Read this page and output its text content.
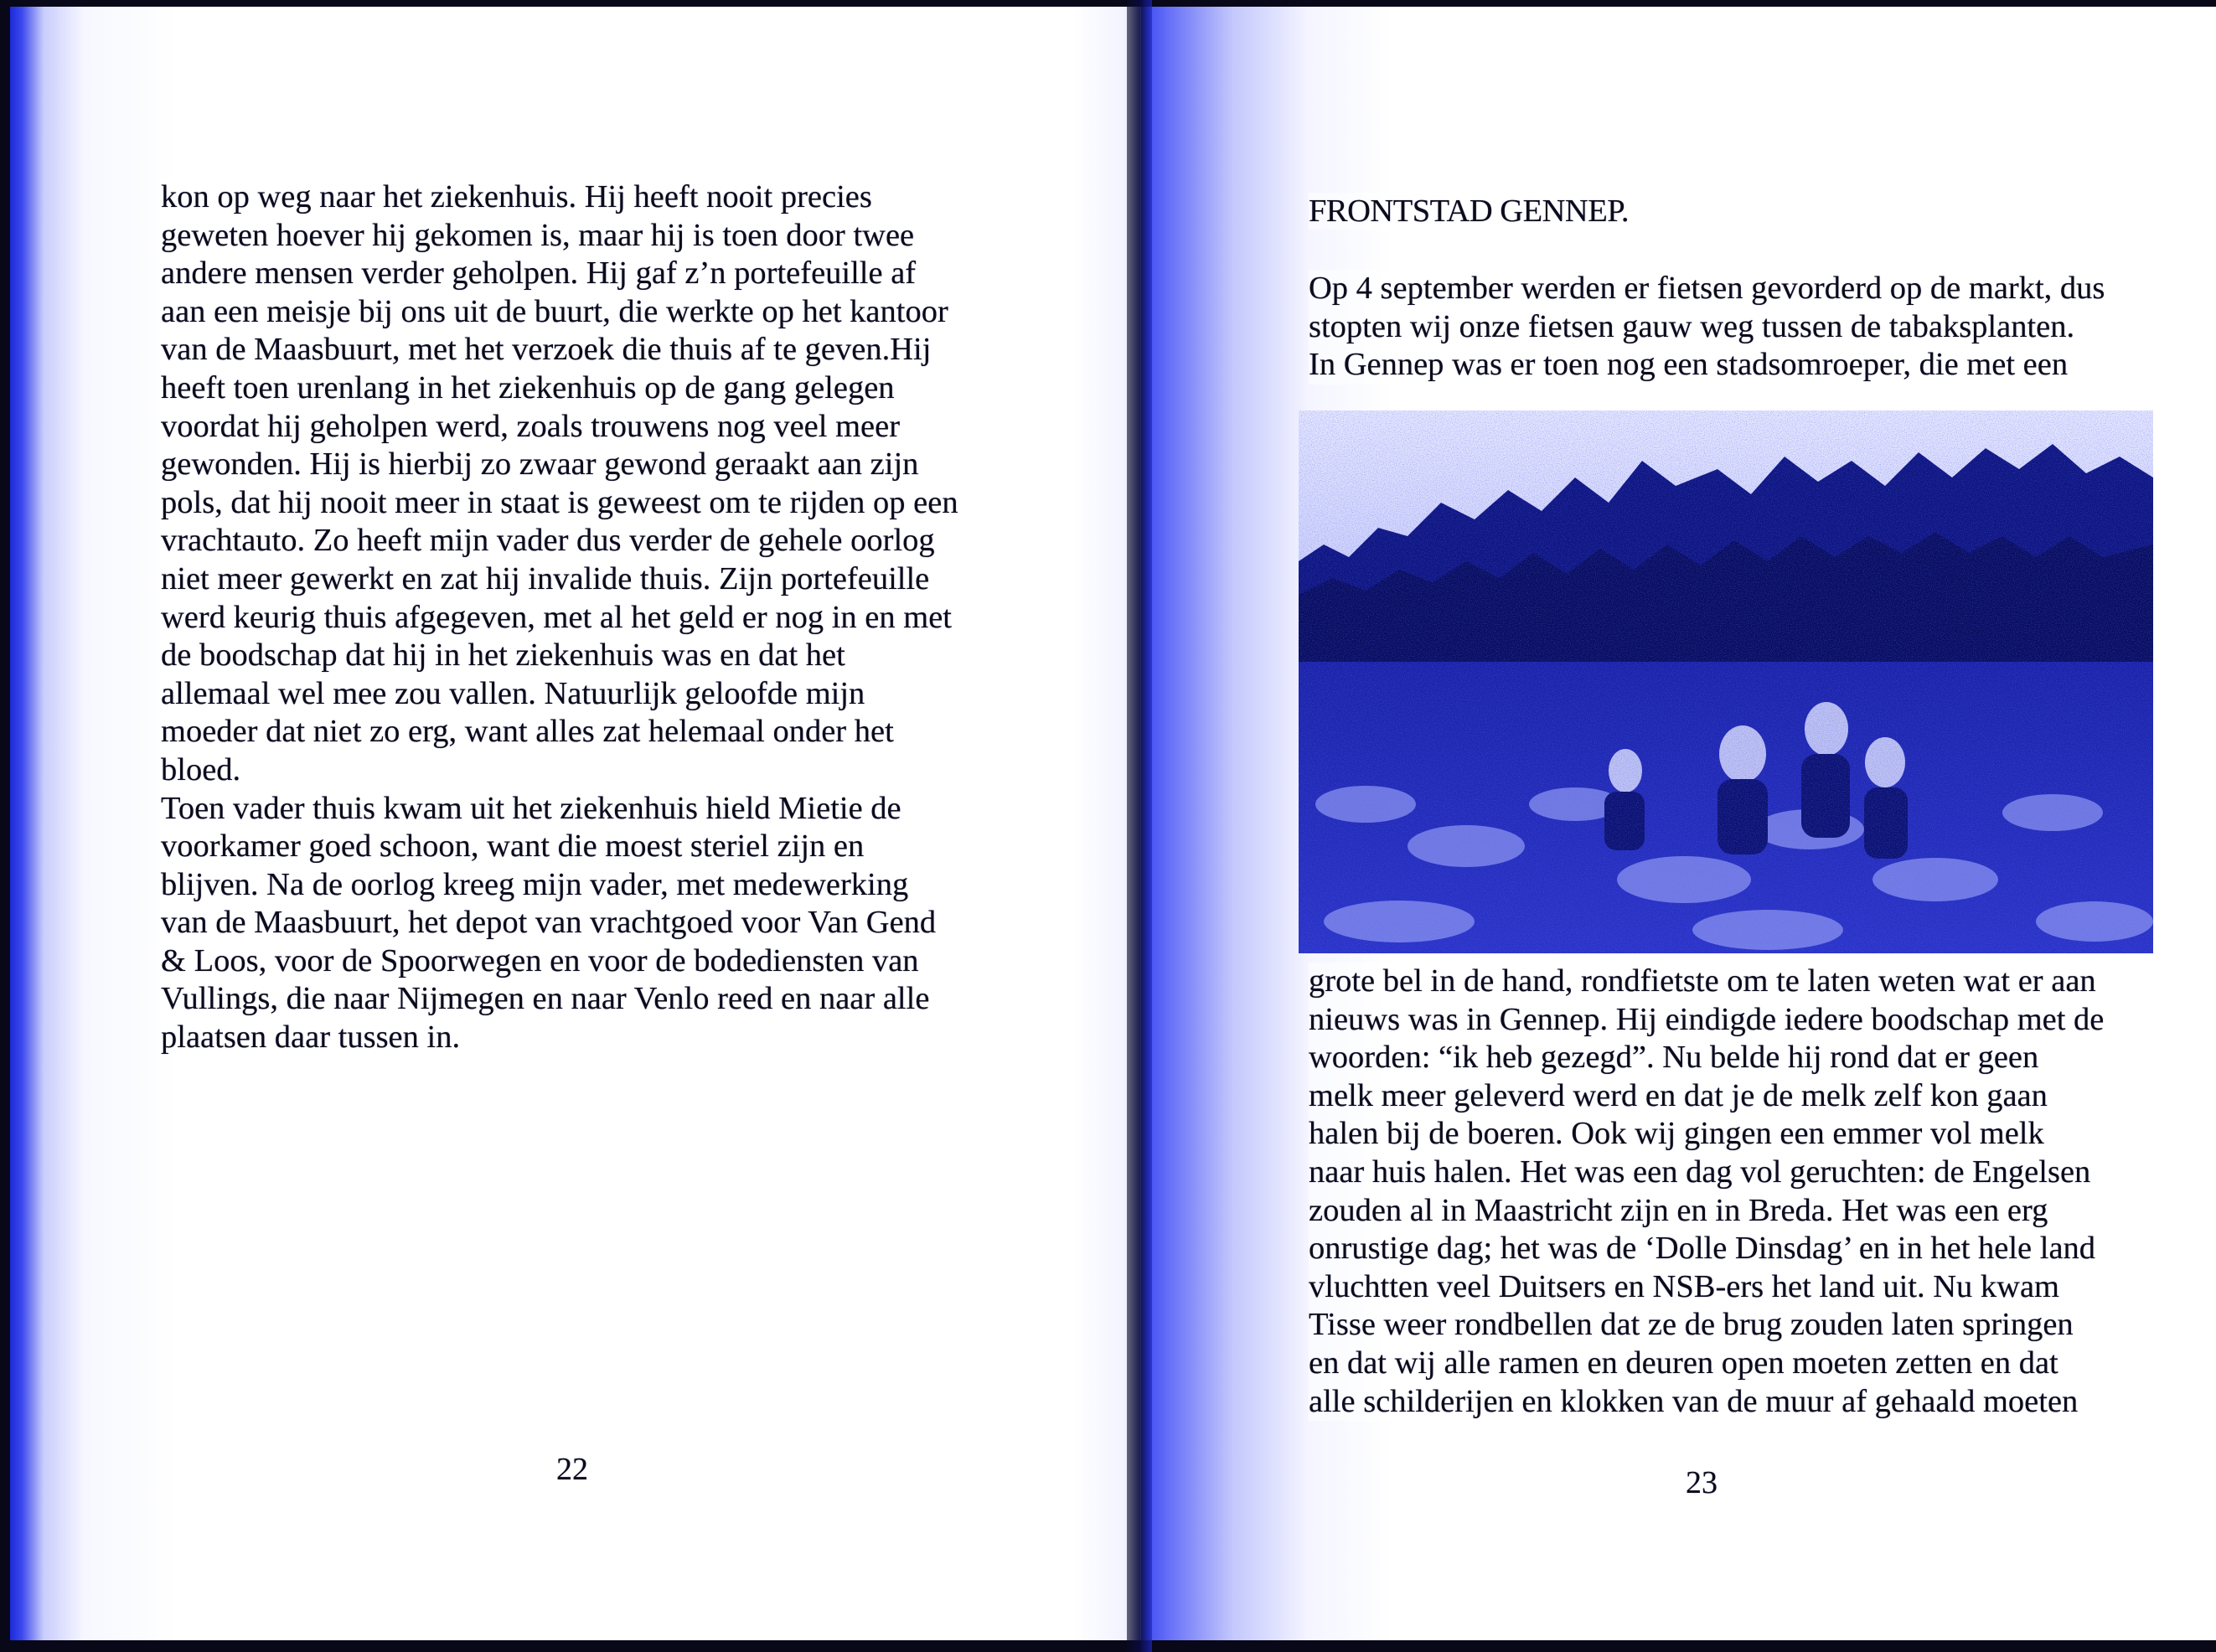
kon op weg naar het ziekenhuis. Hij heeft nooit precies

geweten hoever hij gekomen is, maar hij is toen door twee

andere mensen verder geholpen. Hij gaf z’n portefeuille af

aan een meisje bij ons uit de buurt, die werkte op het kantoor

van de Maasbuurt, met het verzoek die thuis af te geven.Hij

heeft toen urenlang in het ziekenhuis op de gang gelegen

voordat hij geholpen werd, zoals trouwens nog veel meer

gewonden. Hij is hierbij zo zwaar gewond geraakt aan zijn

pols, dat hij nooit meer in staat is geweest om te rijden op een

vrachtauto. Zo heeft mijn vader dus verder de gehele oorlog

niet meer gewerkt en zat hij invalide thuis. Zijn portefeuille

werd keurig thuis afgegeven, met al het geld er nog in en met

de boodschap dat hij in het ziekenhuis was en dat het

allemaal wel mee zou vallen. Natuurlijk geloofde mijn

moeder dat niet zo erg, want alles zat helemaal onder het

bloed.

Toen vader thuis kwam uit het ziekenhuis hield Mietie de

voorkamer goed schoon, want die moest steriel zijn en

blijven. Na de oorlog kreeg mijn vader, met medewerking

van de Maasbuurt, het depot van vrachtgoed voor Van Gend

& Loos, voor de Spoorwegen en voor de bodediensten van

Vullings, die naar Nijmegen en naar Venlo reed en naar alle

plaatsen daar tussen in.

22
FRONTSTAD GENNEP.

Op 4 september werden er fietsen gevorderd op de markt, dus

stopten wij onze fietsen gauw weg tussen de tabaksplanten.

In Gennep was er toen nog een stadsomroeper, die met een

grote bel in de hand, rondfietste om te laten weten wat er aan

nieuws was in Gennep. Hij eindigde iedere boodschap met de

woorden: “ik heb gezegd”. Nu belde hij rond dat er geen

melk meer geleverd werd en dat je de melk zelf kon gaan

halen bij de boeren. Ook wij gingen een emmer vol melk

naar huis halen. Het was een dag vol geruchten: de Engelsen

zouden al in Maastricht zijn en in Breda. Het was een erg

onrustige dag; het was de ‘Dolle Dinsdag’ en in het hele land

vluchtten veel Duitsers en NSB-ers het land uit. Nu kwam

Tisse weer rondbellen dat ze de brug zouden laten springen

en dat wij alle ramen en deuren open moeten zetten en dat

alle schilderijen en klokken van de muur af gehaald moeten

23
